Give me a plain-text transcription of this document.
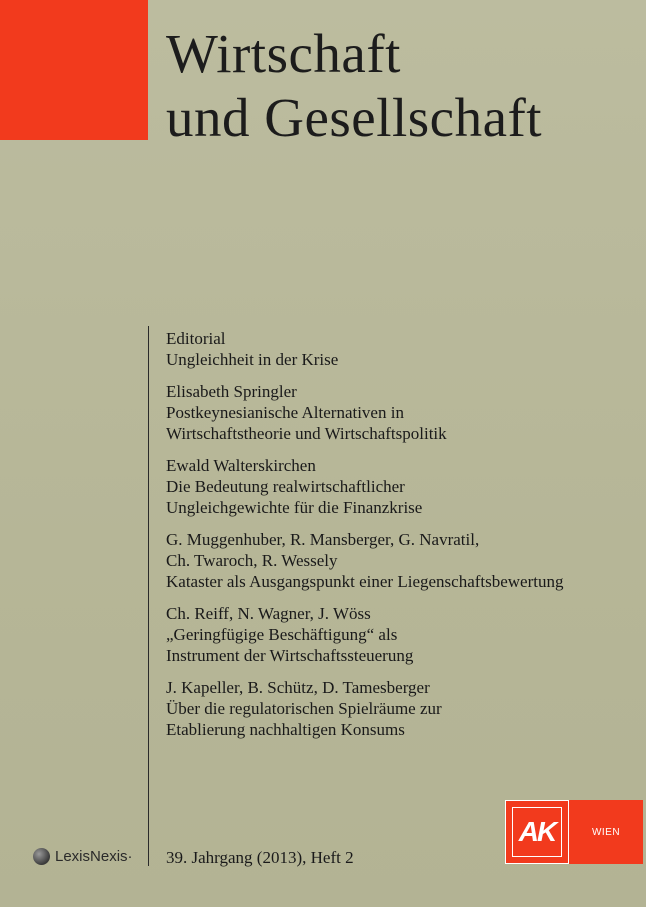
Wirtschaft
und Gesellschaft
Editorial
Ungleichheit in der Krise
Elisabeth Springler
Postkeynesianische Alternativen in
Wirtschaftstheorie und Wirtschaftspolitik
Ewald Walterskirchen
Die Bedeutung realwirtschaftlicher
Ungleichgewichte für die Finanzkrise
G. Muggenhuber, R. Mansberger, G. Navratil,
Ch. Twaroch, R. Wessely
Kataster als Ausgangspunkt einer Liegenschaftsbewertung
Ch. Reiff, N. Wagner, J. Wöss
„Geringfügige Beschäftigung“ als
Instrument der Wirtschaftssteuerung
J. Kapeller, B. Schütz, D. Tamesberger
Über die regulatorischen Spielräume zur
Etablierung nachhaltigen Konsums
LexisNexis· 39. Jahrgang (2013), Heft 2
AK	WIEN
